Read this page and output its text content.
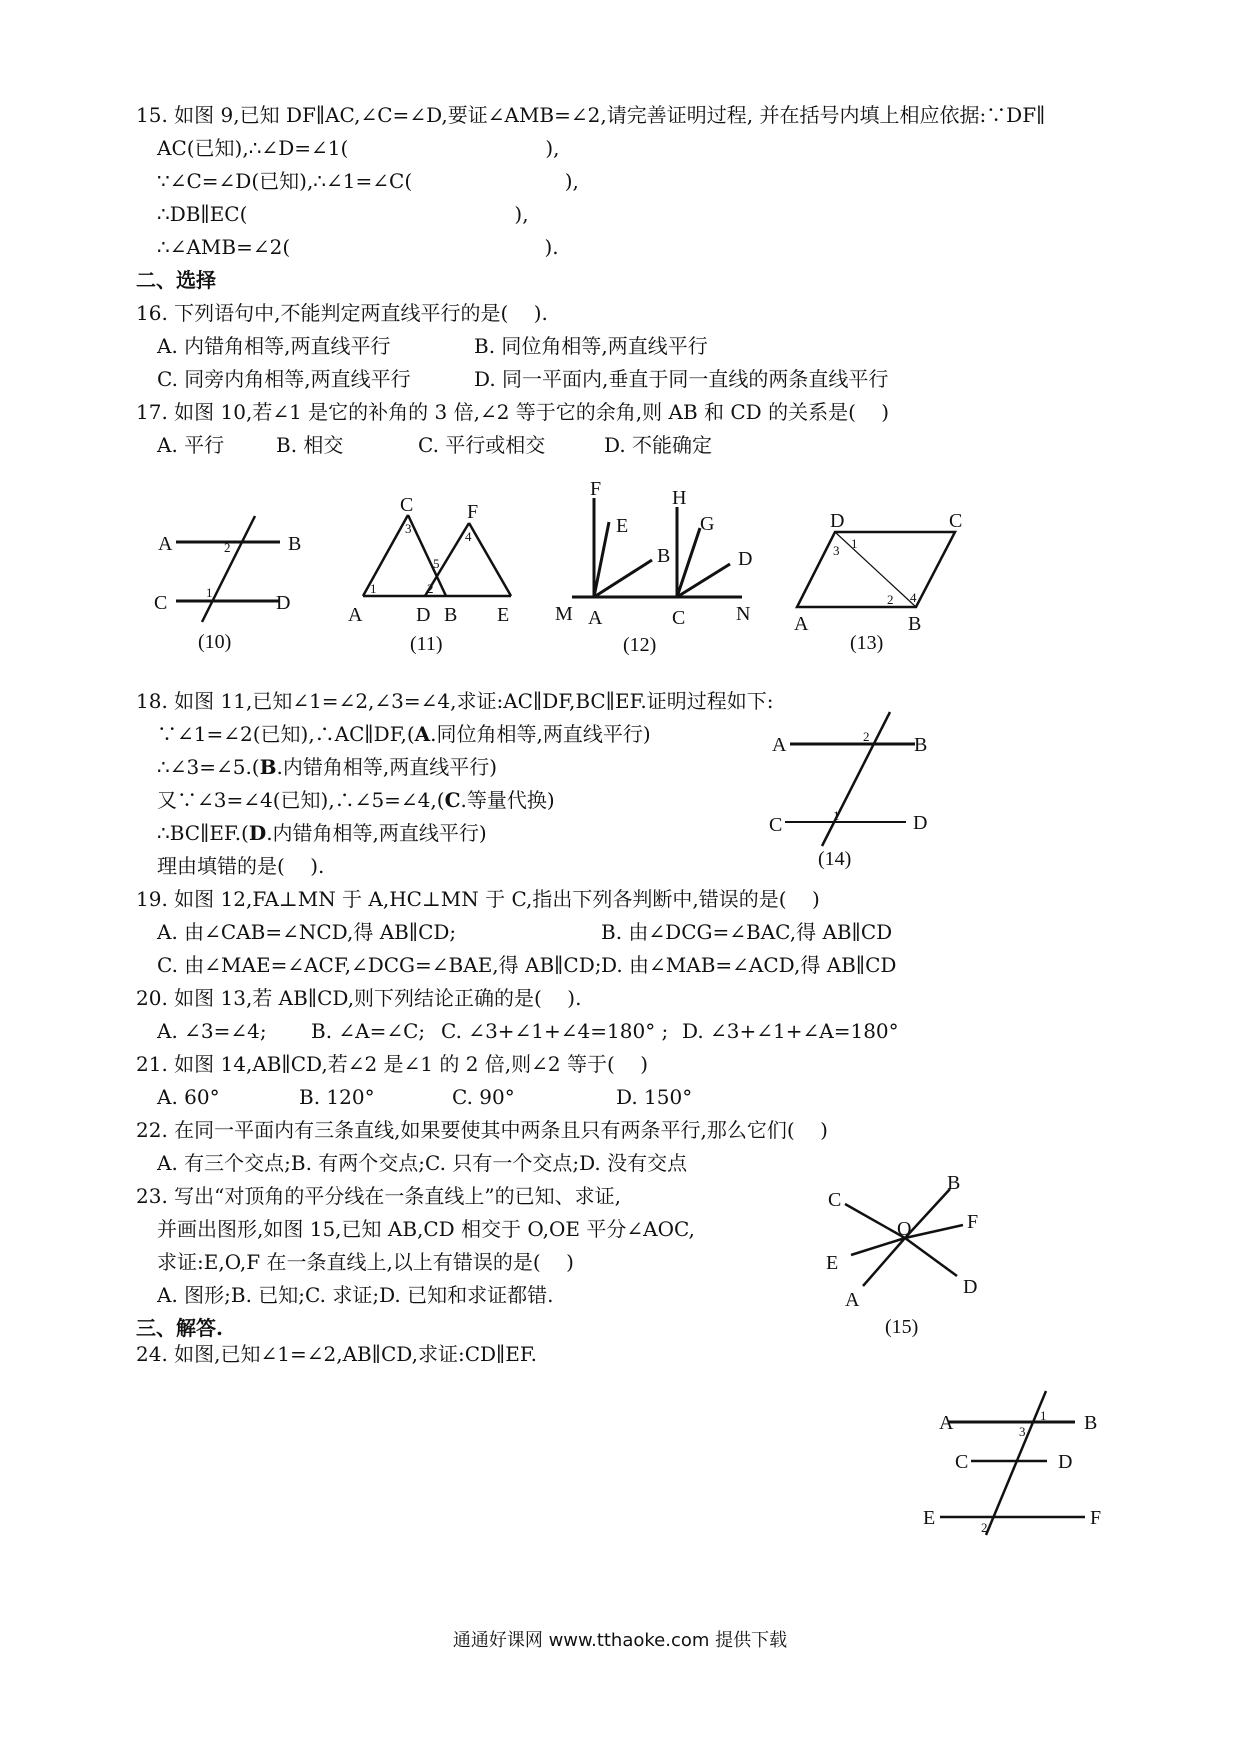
15. 如图 9,已知 DF∥AC,∠C=∠D,要证∠AMB=∠2,请完善证明过程, 并在括号内填上相应依据:∵DF∥
AC(已知),∴∠D=∠1(                               ),
∵∠C=∠D(已知),∴∠1=∠C(                        ),
∴DB∥EC(                                          ),
∴∠AMB=∠2(                                        ).
二、选择
16. 下列语句中,不能判定两直线平行的是(    ).
A. 内错角相等,两直线平行	B. 同位角相等,两直线平行
C. 同旁内角相等,两直线平行	D. 同一平面内,垂直于同一直线的两条直线平行
17. 如图 10,若∠1 是它的补角的 3 倍,∠2 等于它的余角,则 AB 和 CD 的关系是(    )
A. 平行	B. 相交	C. 平行或相交	D. 不能确定
A	B
C	D
2
1
(10)
C	F
A	D B E
1	2
3
4
5
(11)
F
E
B
H
G
D
M A	C	N
(12)
D	C
A	B
3 1
2 4
(13)
18. 如图 11,已知∠1=∠2,∠3=∠4,求证:AC∥DF,BC∥EF.证明过程如下:
∵∠1=∠2(已知),∴AC∥DF,(A.同位角相等,两直线平行)
∴∠3=∠5.(B.内错角相等,两直线平行)
又∵∠3=∠4(已知),∴∠5=∠4,(C.等量代换)
∴BC∥EF.(D.内错角相等,两直线平行)
理由填错的是(    ).
A	B
C	D
2
1
(14)
19. 如图 12,FA⊥MN 于 A,HC⊥MN 于 C,指出下列各判断中,错误的是(    )
A. 由∠CAB=∠NCD,得 AB∥CD;	B. 由∠DCG=∠BAC,得 AB∥CD
C. 由∠MAE=∠ACF,∠DCG=∠BAE,得 AB∥CD; D. 由∠MAB=∠ACD,得 AB∥CD
20. 如图 13,若 AB∥CD,则下列结论正确的是(    ).
A. ∠3=∠4; B. ∠A=∠C; C. ∠3+∠1+∠4=180° ; D. ∠3+∠1+∠A=180°
21. 如图 14,AB∥CD,若∠2 是∠1 的 2 倍,则∠2 等于(    )
A. 60°	B. 120°	C. 90°	D. 150°
22. 在同一平面内有三条直线,如果要使其中两条且只有两条平行,那么它们(    )
A. 有三个交点;B. 有两个交点;C. 只有一个交点;D. 没有交点
23. 写出“对顶角的平分线在一条直线上”的已知、求证,
并画出图形,如图 15,已知 AB,CD 相交于 O,OE 平分∠AOC,
求证:E,O,F 在一条直线上,以上有错误的是(    )
A. 图形;B. 已知;C. 求证;D. 已知和求证都错.
C
B
F
E
D
A
O
(15)
三、解答.
24. 如图,已知∠1=∠2,AB∥CD,求证:CD∥EF.
A	B
C	D
E	F
1
3
2
通通好课网 www.tthaoke.com 提供下载
